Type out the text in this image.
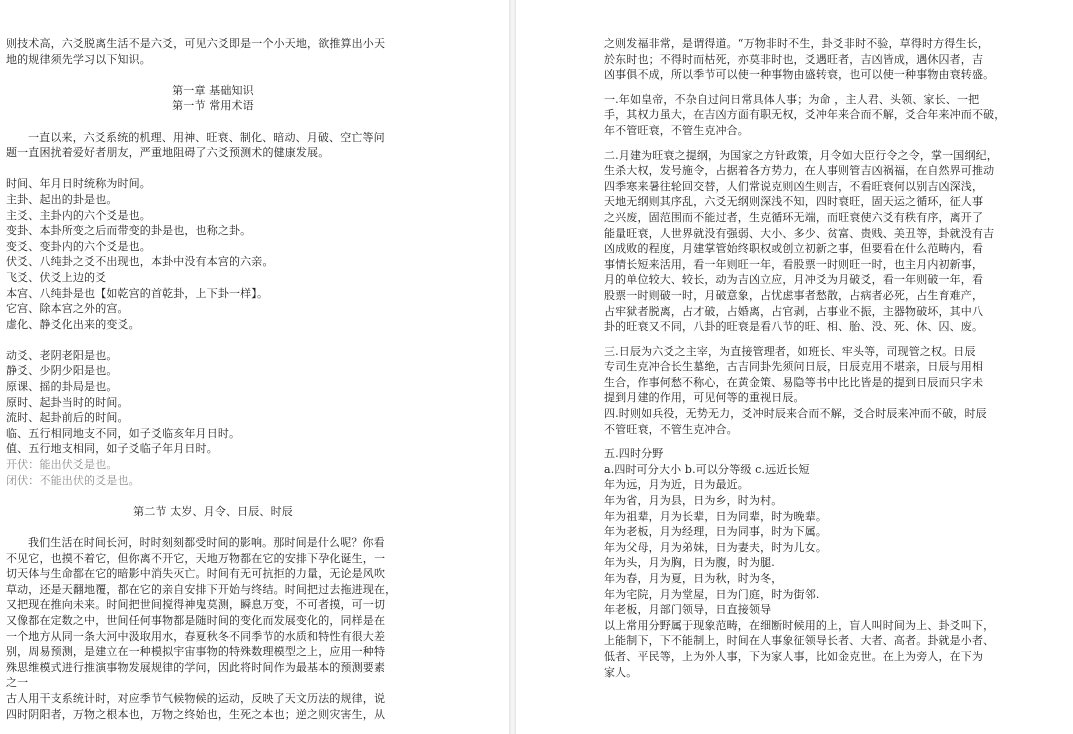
则技术高，六爻脱离生活不是六爻，可见六爻即是一个小天地，欲推算出小天
地的规律须先学习以下知识。
第一章 基础知识
第一节 常用术语
一直以来，六爻系统的机理、用神、旺衰、制化、暗动、月破、空亡等问
题一直困扰着爱好者朋友，严重地阻碍了六爻预测术的健康发展。
时间、年月日时统称为时间。
主卦、起出的卦是也。
主爻、主卦内的六个爻是也。
变卦、本卦所变之后而带变的卦是也，也称之卦。
变爻、变卦内的六个爻是也。
伏爻、八纯卦之爻不出现也，本卦中没有本宫的六亲。
飞爻、伏爻上边的爻
本宫、八纯卦是也【如乾宫的首乾卦，上下卦一样】。
它宫、除本宫之外的宫。
虚化、静爻化出来的变爻。
动爻、老阴老阳是也。
静爻、少阴少阳是也。
原课、摇的卦局是也。
原时、起卦当时的时间。
流时、起卦前后的时间。
临、五行相同地支不同，如子爻临亥年月日时。
值、五行地支相同，如子爻临子年月日时。
开伏：能出伏爻是也。
闭伏：不能出伏的爻是也。
第二节 太岁、月令、日辰、时辰
我们生活在时间长河，时时刻刻都受时间的影响。那时间是什么呢？你看
不见它，也摸不着它，但你离不开它，天地万物都在它的安排下孕化诞生，一
切天体与生命都在它的暗影中消失灭亡。时间有无可抗拒的力量，无论是风吹
草动，还是天翻地覆，都在它的亲自安排下开始与终结。时间把过去拖进现在，
又把现在推向未来。时间把世间搅得神鬼莫测，瞬息万变，不可者摸，可一切
又像都在定数之中，世间任何事物都是随时间的变化而发展变化的，同样是在
一个地方从同一条大河中汲取用水，春夏秋冬不同季节的水质和特性有很大差
别，周易预测，是建立在一种模拟宇宙事物的特殊数理模型之上，应用一种特
殊思维模式进行推演事物发展规律的学问，因此将时间作为最基本的预测要素
之一
古人用干支系统计时，对应季节气候物候的运动，反映了天文历法的规律，说
四时阴阳者，万物之根本也，万物之终始也，生死之本也；逆之则灾害生，从
之则发福非常，是谓得道。“万物非时不生，卦爻非时不验，草得时方得生长，
於东时也；不得时而枯死，亦莫非时也，爻遇旺者，吉凶皆成，遇休囚者，吉
凶事俱不成，所以季节可以使一种事物由盛转衰，也可以使一种事物由衰转盛。
一.年如皇帝，不杂自过问日常具体人事；为命 ，主人君、头领、家长、一把
手，其权力虽大，在吉凶方面有职无权，爻冲年来合而不解，爻合年来冲而不破，
年不管旺衰，不管生克冲合。
二.月建为旺衰之提纲，为国家之方针政策，月令如大臣行令之令，掌一国纲纪，
生杀大权，发号施令，占据着各方势力，在人事则管吉凶祸福，在自然界可推动
四季寒来暑往轮回交替，人们常说克则凶生则吉，不看旺衰何以别吉凶深浅，
天地无纲则其序乱，六爻无纲则深浅不知，四时衰旺，固天运之循环，征人事
之兴废，固范围而不能过者，生克循环无端，而旺衰使六爻有秩有序，离开了
能量旺衰，人世界就没有强弱、大小、多少、贫富、贵贱、美丑等，卦就没有吉
凶成败的程度，月建掌管始终职权或创立初新之事，但要看在什么范畴内，看
事情长短来活用，看一年则旺一年，看股票一时则旺一时，也主月内初新事，
月的单位较大、较长，动为吉凶立应，月冲爻为月破爻，看一年则破一年，看
股票一时则破一时，月破意象，占忧虑事者愁散，占病者必死，占生育难产，
占牢狱者脱离，占才破，占婚离，占官剥，占事业不振，主器物破坏，其中八
卦的旺衰又不同，八卦的旺衰是看八节的旺、相、胎、没、死、休、囚、废。
三.日辰为六爻之主宰，为直接管理者，如班长、牢头等，司现管之权。日辰
专司生克冲合长生墓绝，古吉同卦先须问日辰，日辰克用不堪亲，日辰与用相
生合，作事何愁不称心，在黄金策、易隐等书中比比皆是的提到日辰而只字未
提到月建的作用，可见何等的重视日辰。
四.时则如兵役，无势无力，爻冲时辰来合而不解，爻合时辰来冲而不破，时辰
不管旺衰，不管生克冲合。
五.四时分野
a.四时可分大小 b.可以分等级 c.远近长短
年为远，月为近，日为最近。
年为省，月为县，日为乡，时为村。
年为祖辈，月为长辈，日为同辈，时为晚辈。
年为老板，月为经理，日为同事，时为下属。
年为父母，月为弟妹，日为妻夫，时为儿女。
年为头，月为胸，日为腹，时为腿.
年为春，月为夏，日为秋，时为冬，
年为宅院，月为堂屋，日为门庭，时为街邻.
年老板，月部门领导，日直接领导
以上常用分野属于现象范畴，在细断时候用的上，盲人叫时间为上、卦爻叫下，
上能制下，下不能制上，时间在人事象征领导长者、大者、高者。卦就是小者、
低者、平民等，上为外人事，下为家人事，比如金克世。在上为旁人，在下为
家人。
